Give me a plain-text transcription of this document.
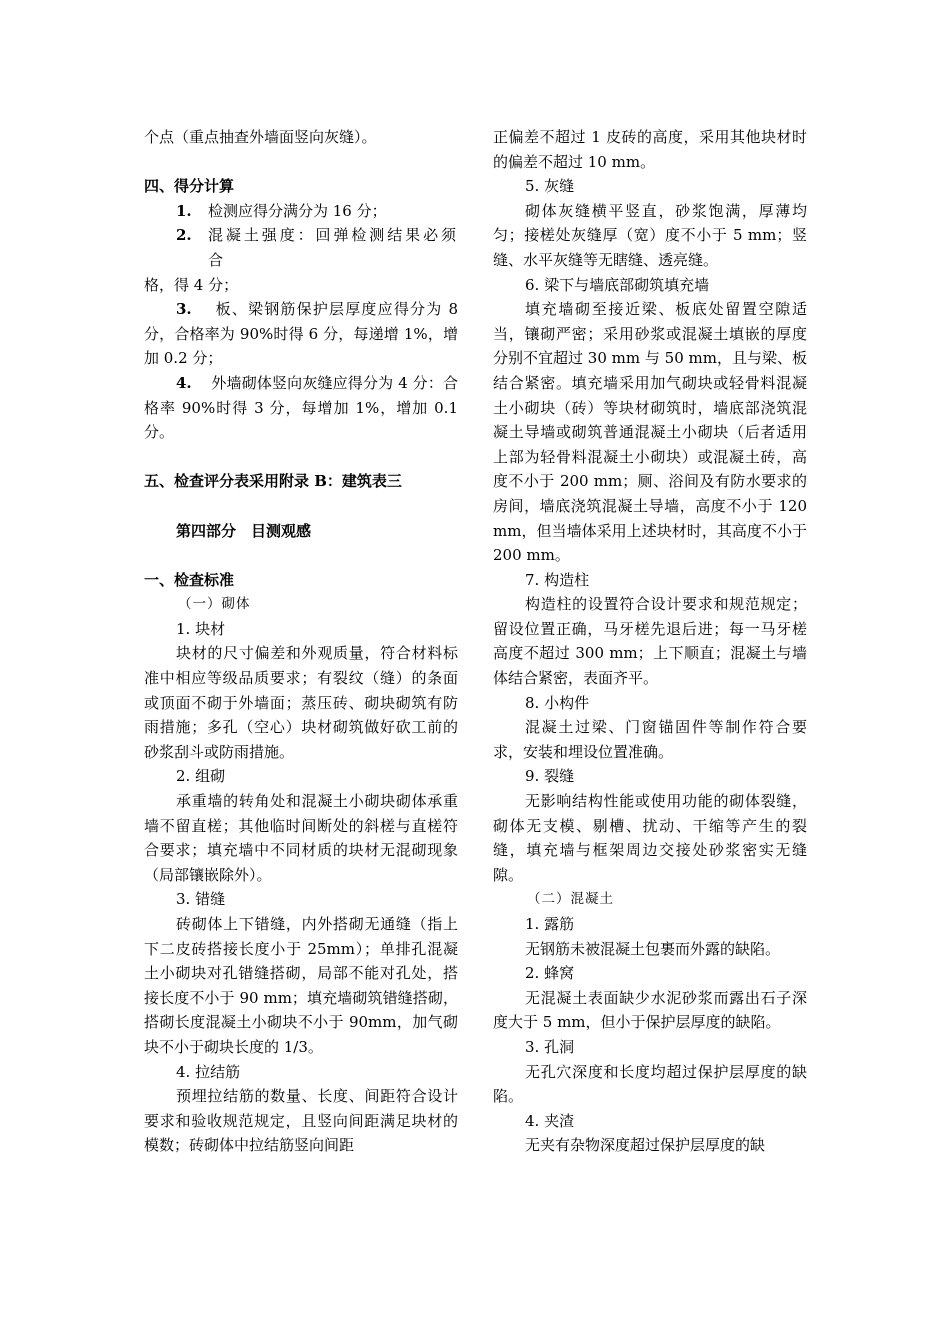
个点（重点抽查外墙面竖向灰缝）。

四、得分计算

1.	检测应得分满分为 16 分；
2.	混凝土强度：回弹检测结果必须合

格，得 4 分；

3. 板、梁钢筋保护层厚度应得分为 8 分，合格率为 90%时得 6 分，每递增 1%，增加 0.2 分；

4. 外墙砌体竖向灰缝应得分为 4 分：合格率 90%时得 3 分，每增加 1%，增加 0.1 分。

五、检查评分表采用附录 B：建筑表三

第四部分　目测观感

一、检查标准

（一）砌体

1. 块材

块材的尺寸偏差和外观质量，符合材料标准中相应等级品质要求；有裂纹（缝）的条面或顶面不砌于外墙面；蒸压砖、砌块砌筑有防雨措施；多孔（空心）块材砌筑做好砍工前的砂浆刮斗或防雨措施。

2. 组砌

承重墙的转角处和混凝土小砌块砌体承重墙不留直槎；其他临时间断处的斜槎与直槎符合要求；填充墙中不同材质的块材无混砌现象（局部镶嵌除外）。

3. 错缝

砖砌体上下错缝，内外搭砌无通缝（指上下二皮砖搭接长度小于 25mm）；单排孔混凝土小砌块对孔错缝搭砌，局部不能对孔处，搭接长度不小于 90 mm；填充墙砌筑错缝搭砌，搭砌长度混凝土小砌块不小于 90mm，加气砌块不小于砌块长度的 1/3。

4. 拉结筋

预埋拉结筋的数量、长度、间距符合设计要求和验收规范规定，且竖向间距满足块材的模数；砖砌体中拉结筋竖向间距

正偏差不超过 1 皮砖的高度，采用其他块材时的偏差不超过 10 mm。

5. 灰缝

砌体灰缝横平竖直，砂浆饱满，厚薄均匀；接槎处灰缝厚（宽）度不小于 5 mm；竖缝、水平灰缝等无瞎缝、透亮缝。

6. 梁下与墙底部砌筑填充墙

填充墙砌至接近梁、板底处留置空隙适当，镶砌严密；采用砂浆或混凝土填嵌的厚度分别不宜超过 30 mm 与 50 mm，且与梁、板结合紧密。填充墙采用加气砌块或轻骨料混凝土小砌块（砖）等块材砌筑时，墙底部浇筑混凝土导墙或砌筑普通混凝土小砌块（后者适用上部为轻骨料混凝土小砌块）或混凝土砖，高度不小于 200 mm；厕、浴间及有防水要求的房间，墙底浇筑混凝土导墙，高度不小于 120 mm，但当墙体采用上述块材时，其高度不小于 200 mm。

7. 构造柱

构造柱的设置符合设计要求和规范规定；留设位置正确，马牙槎先退后进；每一马牙槎高度不超过 300 mm；上下顺直；混凝土与墙体结合紧密，表面齐平。

8. 小构件

混凝土过梁、门窗锚固件等制作符合要求，安装和埋设位置准确。

9. 裂缝

无影响结构性能或使用功能的砌体裂缝，砌体无支模、剔槽、扰动、干缩等产生的裂缝，填充墙与框架周边交接处砂浆密实无缝隙。

（二）混凝土

1. 露筋

无钢筋未被混凝土包裹而外露的缺陷。

2. 蜂窝

无混凝土表面缺少水泥砂浆而露出石子深度大于 5 mm，但小于保护层厚度的缺陷。

3. 孔洞

无孔穴深度和长度均超过保护层厚度的缺陷。

4. 夹渣

无夹有杂物深度超过保护层厚度的缺
